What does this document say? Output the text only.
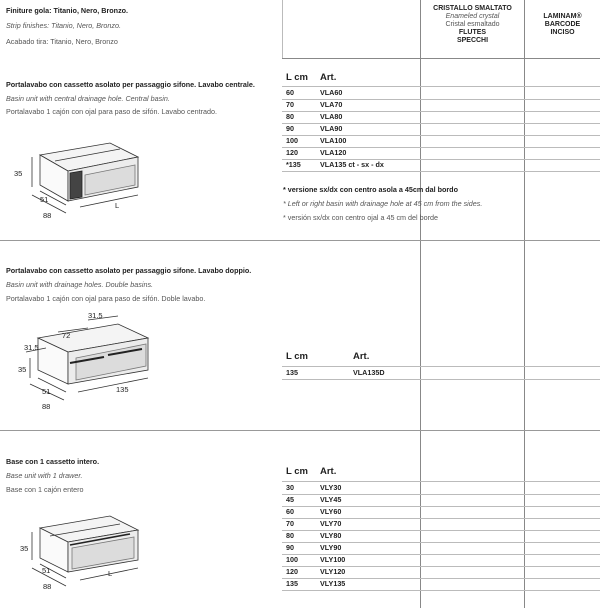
Finiture gola: Titanio, Nero, Bronzo.
Strip finishes: Titanio, Nero, Bronzo.
Acabado tira: Titanio, Nero, Bronzo
CRISTALLO SMALTATO
Enameled crystal
Cristal esmaltado
FLUTES
SPECCHI
LAMINAM®
BARCODE
INCISO
Portalavabo con cassetto asolato per passaggio sifone. Lavabo centrale.
Basin unit with central drainage hole. Central basin.
Portalavabo 1 cajón con ojal para paso de sifón. Lavabo centrado.
L cm Art.
60	VLA60
70	VLA70
80	VLA80
90	VLA90
100	VLA100
120	VLA120
*135	VLA135 ct - sx - dx
* versione sx/dx con centro asola a 45cm dal bordo
* Left or right basin with drainage hole at 45 cm from the sides.
* versión sx/dx con centro ojal a 45 cm del borde
35
51
88
L
Portalavabo con cassetto asolato per passaggio sifone. Lavabo doppio.
Basin unit with drainage holes. Double basins.
Portalavabo 1 cajón con ojal para paso de sifón. Doble lavabo.
L cm	Art.
135	VLA135D
31.5
72
31.5
35
51
88
135
Base con 1 cassetto intero.
Base unit with 1 drawer.
Base con 1 cajón entero
L cm Art.
30	VLY30
45	VLY45
60	VLY60
70	VLY70
80	VLY80
90	VLY90
100	VLY100
120	VLY120
135	VLY135
35
51
88
L
